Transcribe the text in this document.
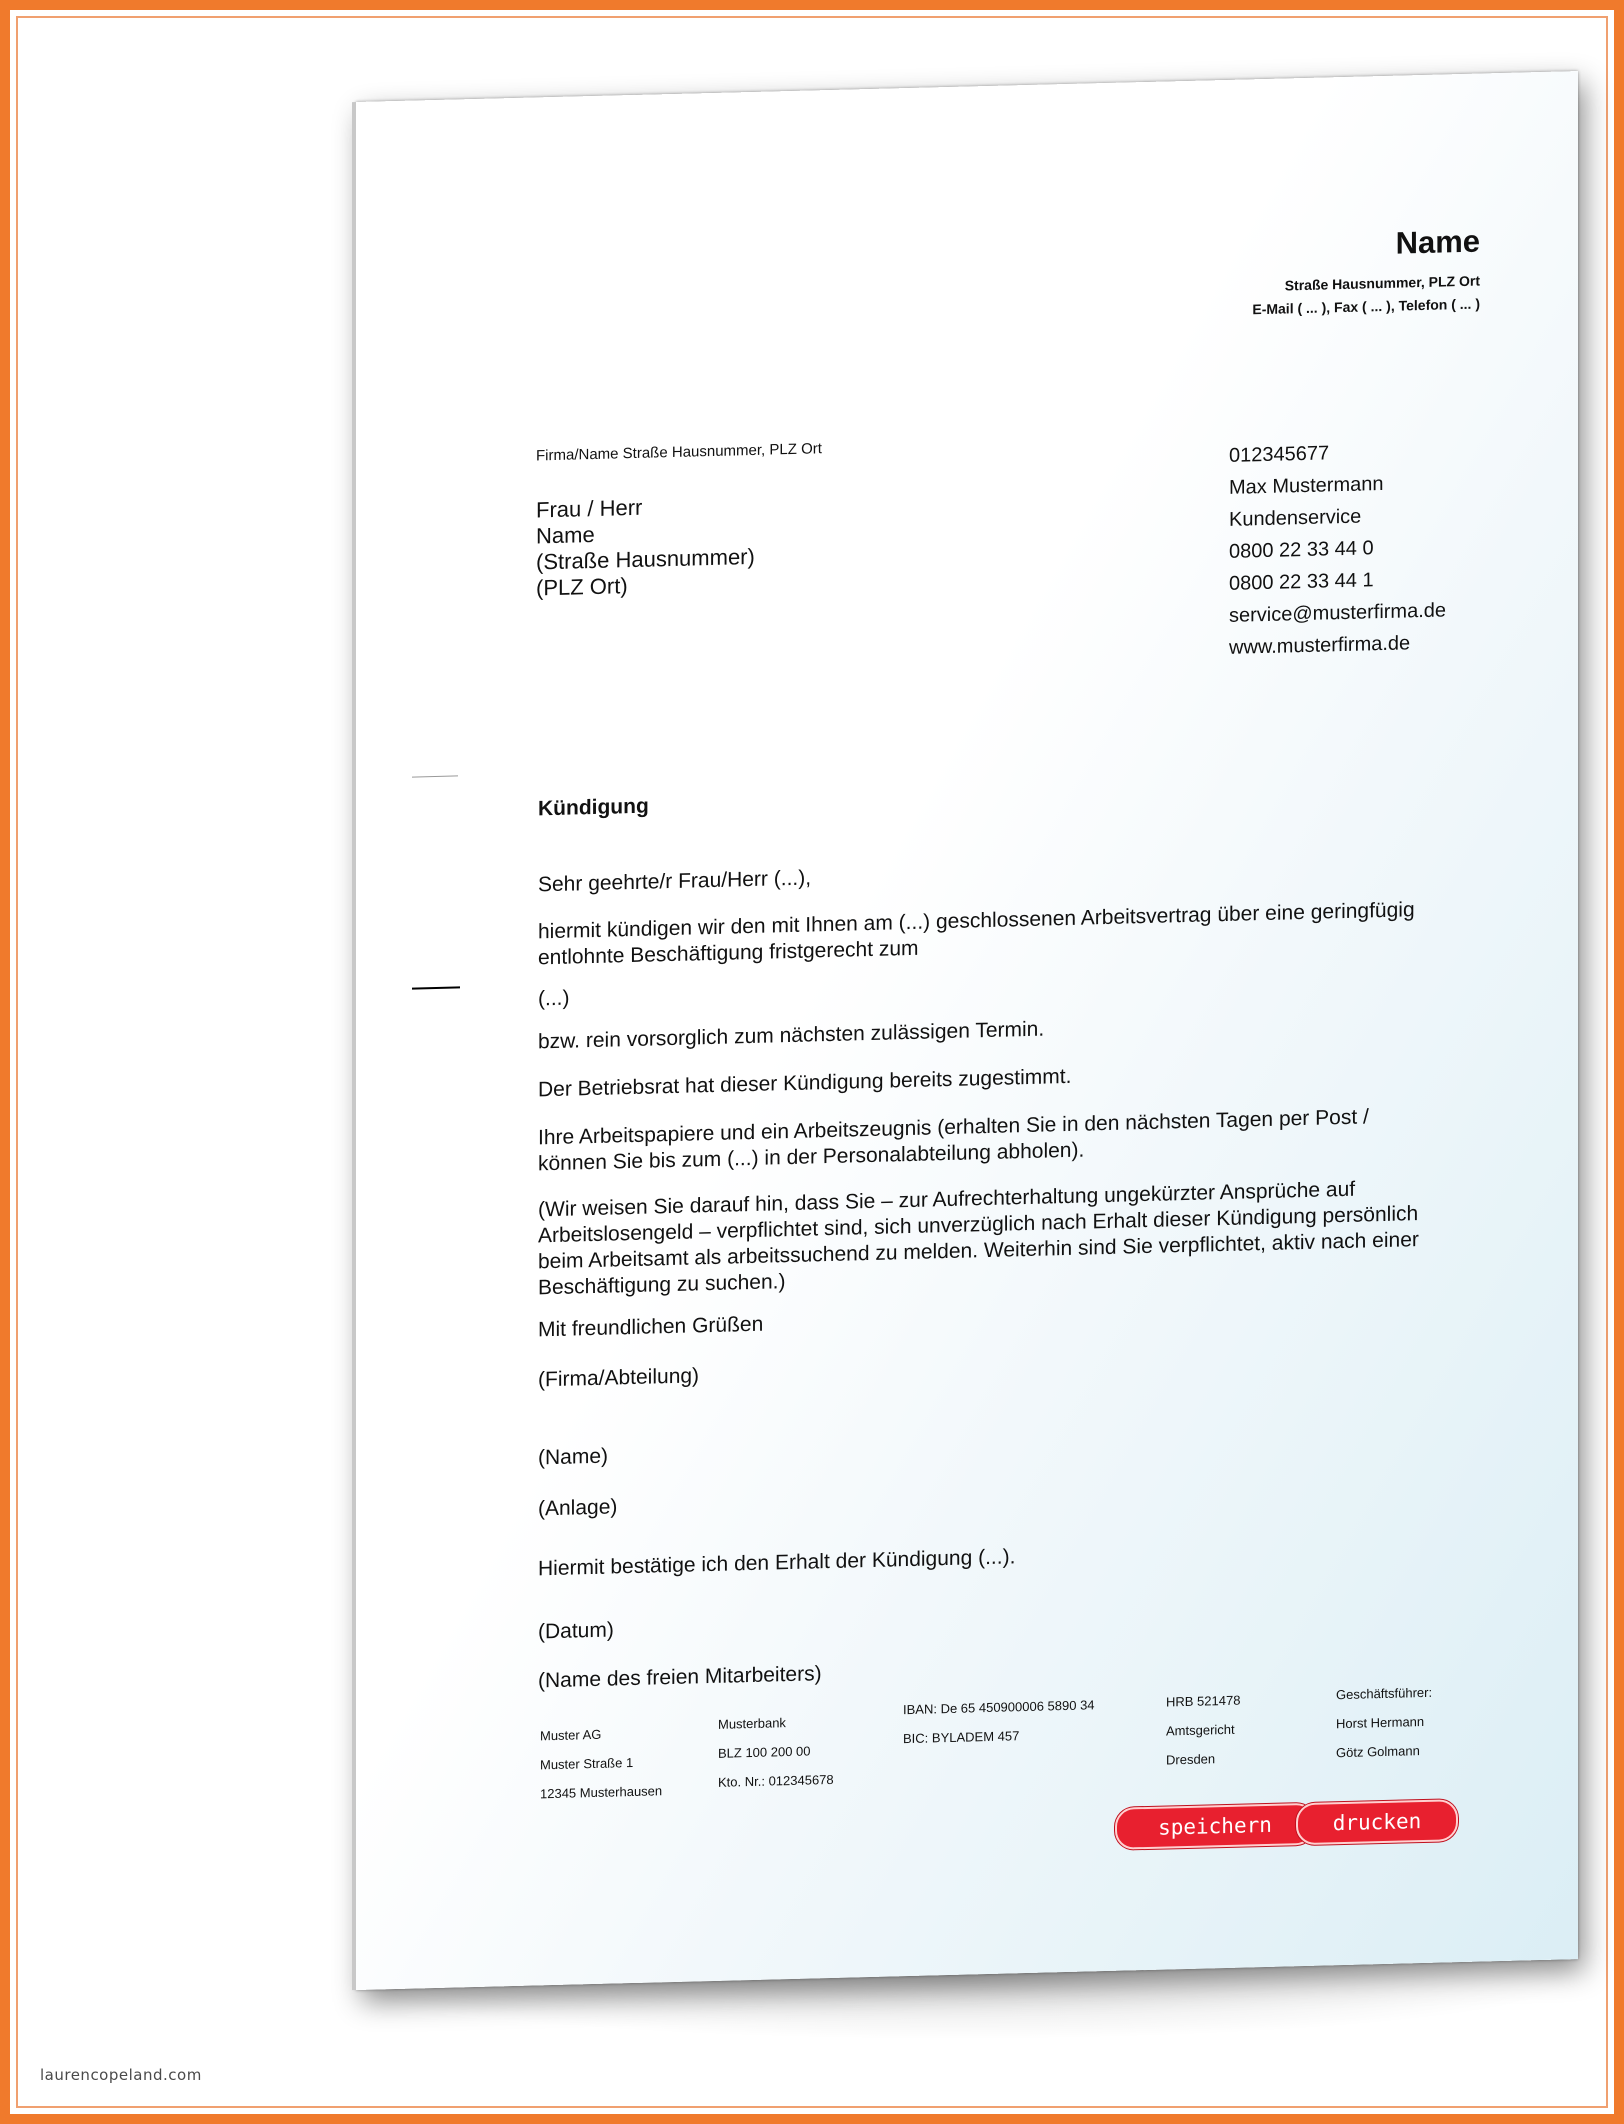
Name
Straße Hausnummer, PLZ Ort
E-Mail ( ... ), Fax ( ... ), Telefon ( ... )
Firma/Name Straße Hausnummer, PLZ Ort
Frau / Herr
Name
(Straße Hausnummer)
(PLZ Ort)
012345677
Max Mustermann
Kundenservice
0800 22 33 44 0
0800 22 33 44 1
service@musterfirma.de
www.musterfirma.de
Kündigung
Sehr geehrte/r Frau/Herr (...),
hiermit kündigen wir den mit Ihnen am (...) geschlossenen Arbeitsvertrag über eine geringfügig entlohnte Beschäftigung fristgerecht zum
(...)
bzw. rein vorsorglich zum nächsten zulässigen Termin.
Der Betriebsrat hat dieser Kündigung bereits zugestimmt.
Ihre Arbeitspapiere und ein Arbeitszeugnis (erhalten Sie in den nächsten Tagen per Post / können Sie bis zum (...) in der Personalabteilung abholen).
(Wir weisen Sie darauf hin, dass Sie – zur Aufrechterhaltung ungekürzter Ansprüche auf Arbeitslosengeld – verpflichtet sind, sich unverzüglich nach Erhalt dieser Kündigung persönlich beim Arbeitsamt als arbeitssuchend zu melden. Weiterhin sind Sie verpflichtet, aktiv nach einer Beschäftigung zu suchen.)
Mit freundlichen Grüßen
(Firma/Abteilung)
(Name)
(Anlage)
Hiermit bestätige ich den Erhalt der Kündigung (...).
(Datum)
(Name des freien Mitarbeiters)
Muster AG
Muster Straße 1
12345 Musterhausen
Musterbank
BLZ 100 200 00
Kto. Nr.: 012345678
IBAN: De 65 450900006 5890 34
BIC: BYLADEM 457
HRB 521478
Amtsgericht
Dresden
Geschäftsführer:
Horst Hermann
Götz Golmann
speichern	drucken
laurencopeland.com
